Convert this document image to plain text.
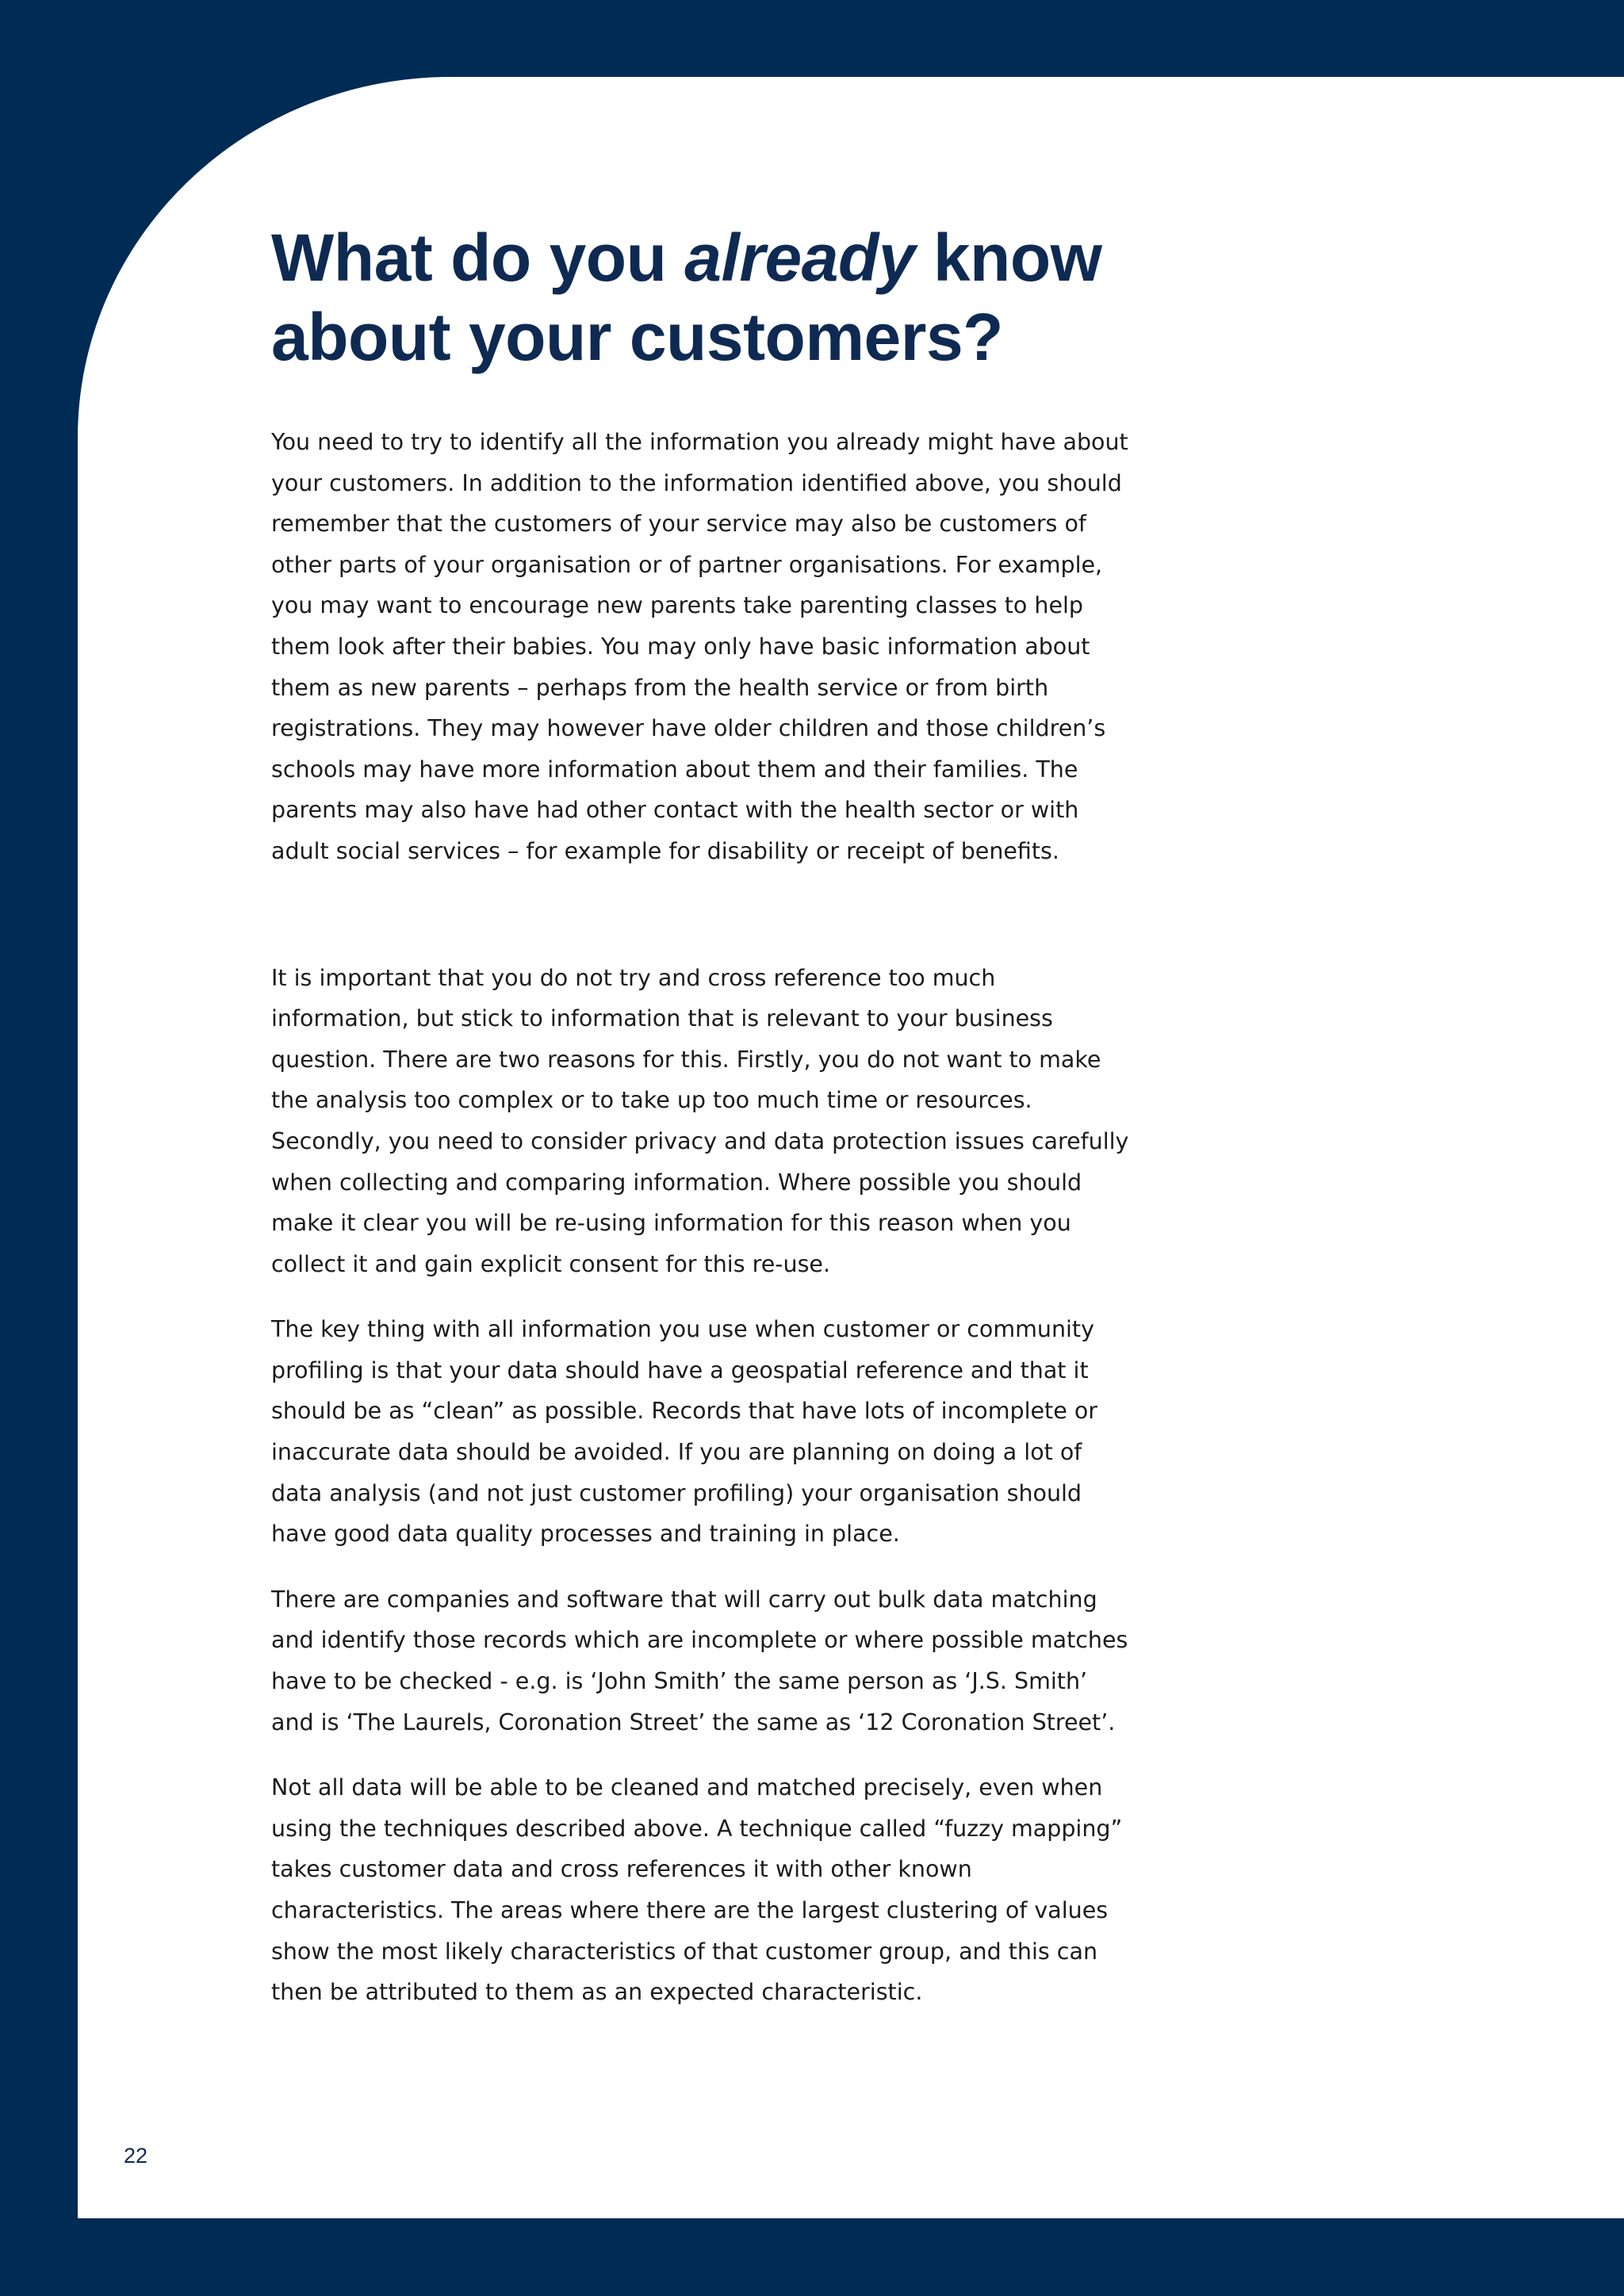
What do you already know about your customers?

You need to try to identify all the information you already might have about your customers. In addition to the information identified above, you should remember that the customers of your service may also be customers of other parts of your organisation or of partner organisations. For example, you may want to encourage new parents take parenting classes to help them look after their babies. You may only have basic information about them as new parents – perhaps from the health service or from birth registrations. They may however have older children and those children’s schools may have more information about them and their families. The parents may also have had other contact with the health sector or with adult social services – for example for disability or receipt of benefits.

It is important that you do not try and cross reference too much information, but stick to information that is relevant to your business question. There are two reasons for this. Firstly, you do not want to make the analysis too complex or to take up too much time or resources. Secondly, you need to consider privacy and data protection issues carefully when collecting and comparing information. Where possible you should make it clear you will be re-using information for this reason when you collect it and gain explicit consent for this re-use.

The key thing with all information you use when customer or community profiling is that your data should have a geospatial reference and that it should be as “clean” as possible. Records that have lots of incomplete or inaccurate data should be avoided. If you are planning on doing a lot of data analysis (and not just customer profiling) your organisation should have good data quality processes and training in place.

There are companies and software that will carry out bulk data matching and identify those records which are incomplete or where possible matches have to be checked - e.g. is ‘John Smith’ the same person as ‘J.S. Smith’ and is ‘The Laurels, Coronation Street’ the same as ‘12 Coronation Street’.

Not all data will be able to be cleaned and matched precisely, even when using the techniques described above. A technique called “fuzzy mapping” takes customer data and cross references it with other known characteristics. The areas where there are the largest clustering of values show the most likely characteristics of that customer group, and this can then be attributed to them as an expected characteristic.

22
